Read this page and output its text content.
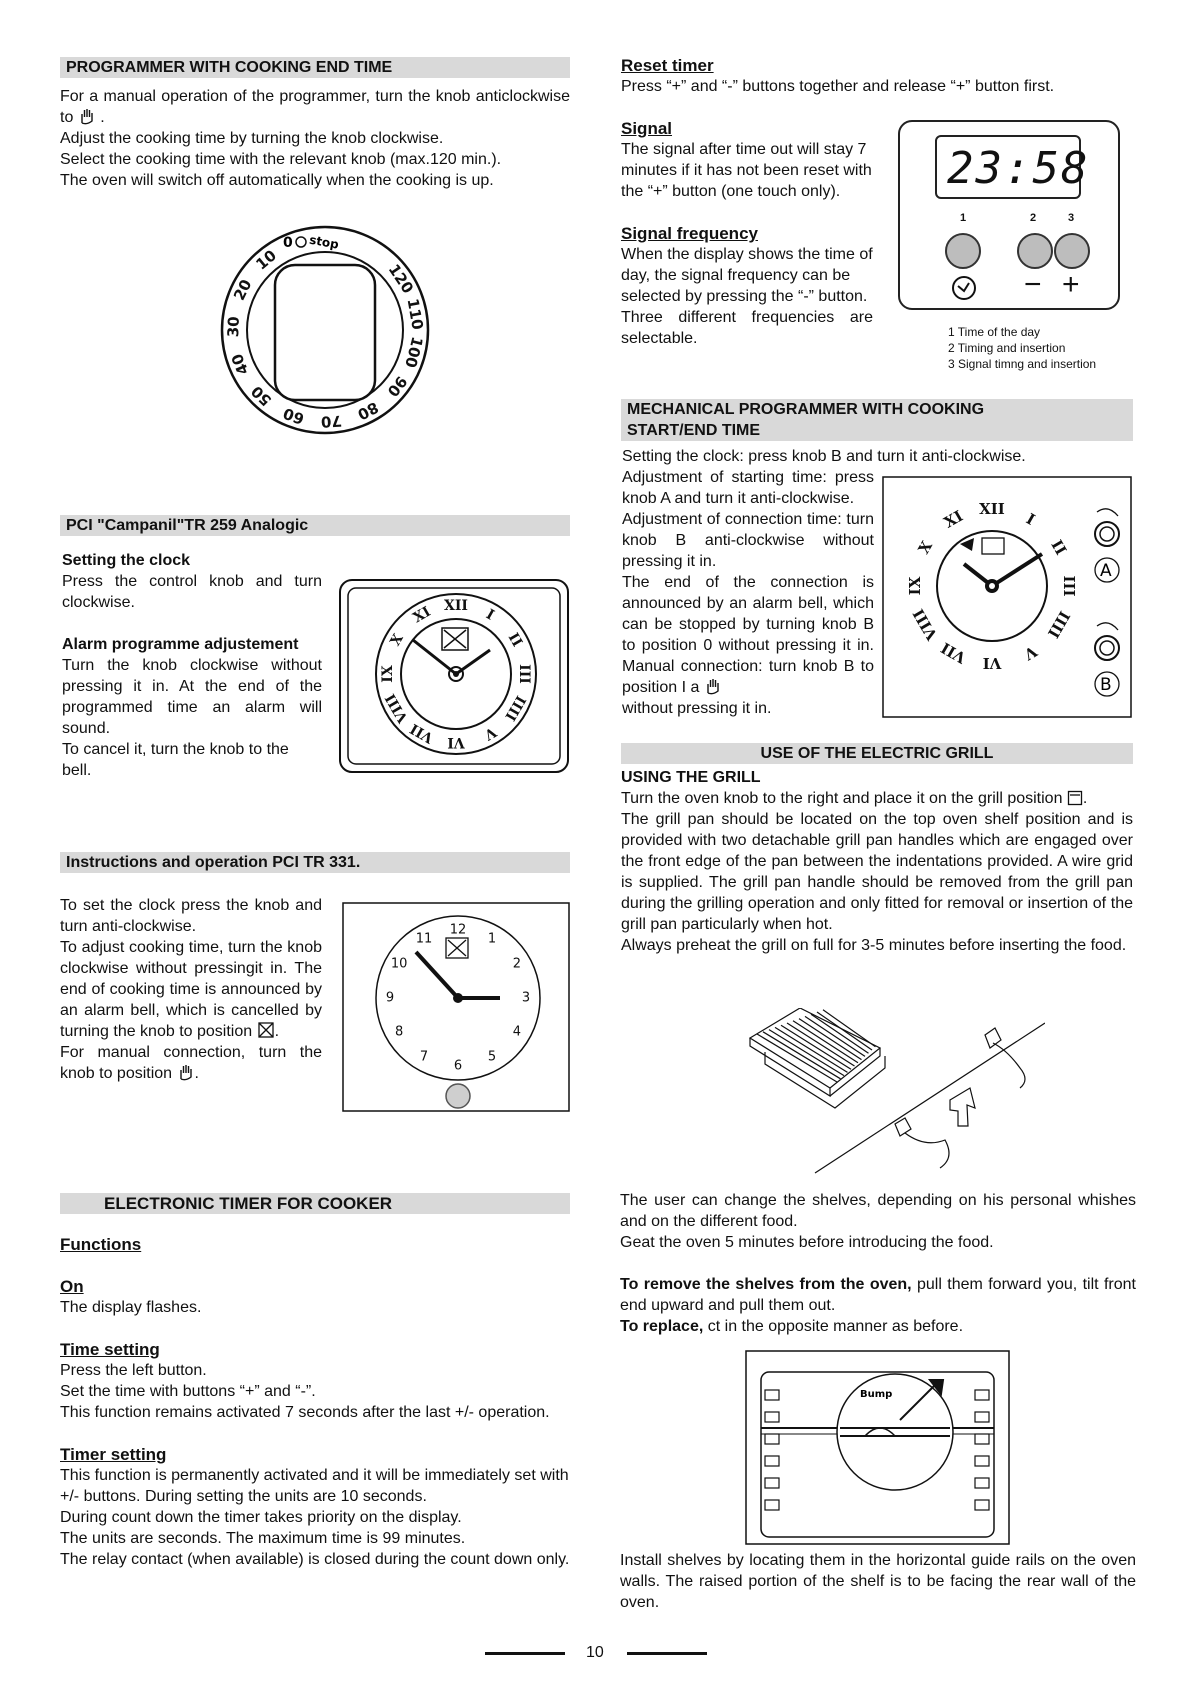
PROGRAMMER WITH COOKING END TIME

For a manual operation of the programmer, turn the knob anticlockwise to  .

Adjust the cooking time by turning the knob clockwise.

Select the cooking time with the relevant knob (max.120 min.).

The oven will switch off automatically when the cooking is up.

10
20
30
40
50
60 70 80
90
100
110
120
0 stop
PCI "Campanil"TR 259 Analogic
Setting the clock

Press the control knob and turn clockwise.

Alarm programme adjustement

Turn the knob clockwise without pressing it in. At the end of the programmed time an alarm will sound.

To cancel it, turn the knob to the bell.

XII
I
II
III
IIII
V
VI
VII
VIII
IX
X
XI
Instructions and operation PCI TR 331.

To set the clock press the knob and turn anti-clockwise.

To adjust cooking time, turn the knob clockwise without pressingit in. The end of cooking time is announced by an alarm bell, which is cancelled by turning the knob to position .

For manual connection, turn the knob to position .

12
1
2
3
4
5
6
7
8
9
10
11
ELECTRONIC TIMER FOR COOKER
Functions
On

The display flashes.

Time setting

Press the left button.

Set the time with buttons “+” and “-”.

This function remains activated 7 seconds after the last +/- operation.

Timer setting

This function is permanently activated and it will be immediately set with +/- buttons. During setting the units are 10 seconds.

During count down the timer takes priority on the display.

The units are seconds. The maximum time is 99 minutes.

The relay contact (when available) is closed during the count down only.

Reset timer

Press “+” and “-” buttons together and release “+” button first.

Signal

The signal after time out will stay 7 minutes if it has not been reset with the “+” button (one touch only).

Signal frequency

When the display shows the time of day, the signal frequency can be selected by pressing the “-” button.

Three different frequencies are selectable.

23:58
1	2	3
− +
1 Time of the day
2 Timing and insertion
3 Signal timng and insertion
MECHANICAL PROGRAMMER WITH COOKING START/END TIME

Setting the clock: press knob B and turn it anti-clockwise.

Adjustment of starting time: press knob A and turn it anti-clockwise.

Adjustment of connection time: turn knob B anti-clockwise without pressing it in.

The end of the connection is announced by an alarm bell, which can be stopped by turning knob B to position 0 without pressing it in. Manual connection: turn knob B to position I a

without pressing it in.

XII
I
II
III
IIII
V
VI
VII
VIII
IX
X
XI
A
B
USE OF THE ELECTRIC GRILL
USING THE GRILL

Turn the oven knob to the right and place it on the grill position .

The grill pan should be located on the top oven shelf position and is provided with two detachable grill pan handles which are engaged over the front edge of the pan between the indentations provided. A wire grid is supplied. The grill pan handle should be removed from the grill pan during the grilling operation and only fitted for removal or insertion of the grill pan particularly when hot.

Always preheat the grill on full for 3-5 minutes before inserting the food.

The user can change the shelves, depending on his personal whishes and on the different food.

Geat the oven 5 minutes before introducing the food.

To remove the shelves from the oven, pull them forward you, tilt front end upward and pull them out.

To replace, ct in the opposite manner as before.

Bump

Install shelves by locating them in the horizontal guide rails on the oven walls. The raised portion of the shelf is to be facing the rear wall of the oven.

10
